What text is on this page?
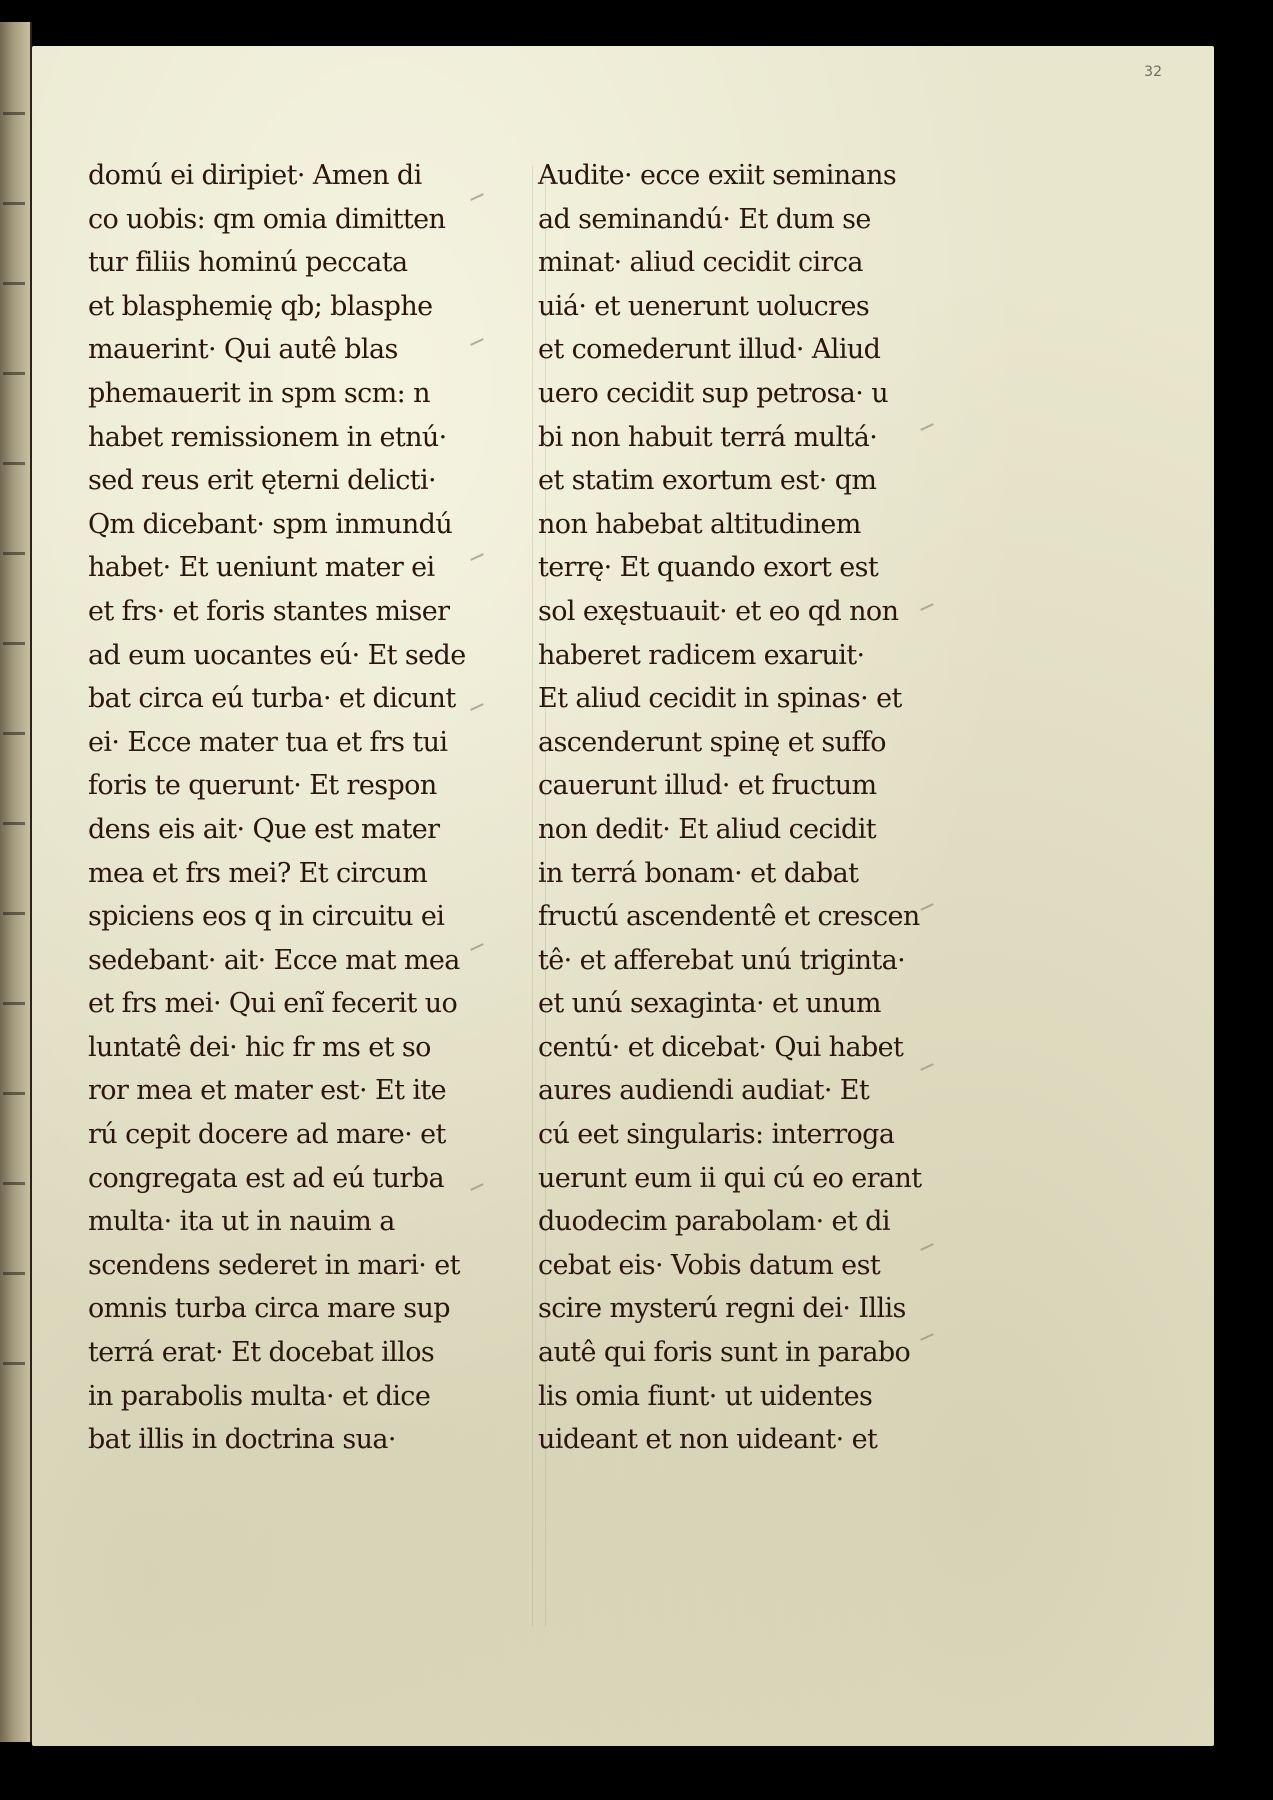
32
domú ei diripiet· Amen di
co uobis: qm omia dimitten
tur filiis hominú peccata
et blasphemię qb; blasphe
mauerint· Qui autê blas
phemauerit in spm scm: n
habet remissionem in etnú·
sed reus erit ęterni delicti·
Qm dicebant· spm inmundú
habet· Et ueniunt mater ei
et frs· et foris stantes miser
ad eum uocantes eú· Et sede
bat circa eú turba· et dicunt
ei· Ecce mater tua et frs tui
foris te querunt· Et respon
dens eis ait· Que est mater
mea et frs mei? Et circum
spiciens eos q in circuitu ei
sedebant· ait· Ecce mat mea
et frs mei· Qui enĩ fecerit uo
luntatê dei· hic fr ms et so
ror mea et mater est· Et ite
rú cepit docere ad mare· et
congregata est ad eú turba
multa· ita ut in nauim a
scendens sederet in mari· et
omnis turba circa mare sup
terrá erat· Et docebat illos
in parabolis multa· et dice
bat illis in doctrina sua·
Audite· ecce exiit seminans
ad seminandú· Et dum se
minat· aliud cecidit circa
uiá· et uenerunt uolucres
et comederunt illud· Aliud
uero cecidit sup petrosa· u
bi non habuit terrá multá·
et statim exortum est· qm
non habebat altitudinem
terrę· Et quando exort est
sol exęstuauit· et eo qd non
haberet radicem exaruit·
Et aliud cecidit in spinas· et
ascenderunt spinę et suffo
cauerunt illud· et fructum
non dedit· Et aliud cecidit
in terrá bonam· et dabat
fructú ascendentê et crescen
tê· et afferebat unú triginta·
et unú sexaginta· et unum
centú· et dicebat· Qui habet
aures audiendi audiat· Et
cú eet singularis: interroga
uerunt eum ii qui cú eo erant
duodecim parabolam· et di
cebat eis· Vobis datum est
scire mysterú regni dei· Illis
autê qui foris sunt in parabo
lis omia fiunt· ut uidentes
uideant et non uideant· et
